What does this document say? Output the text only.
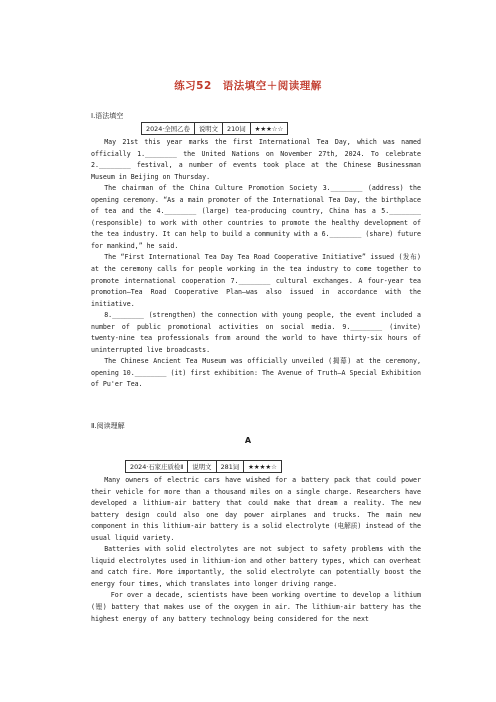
练习52　语法填空＋阅读理解
Ⅰ.语法填空
2024·全国乙卷	说明文	210词	★★★☆☆

May 21st this year marks the first International Tea Day, which was named officially 1.________ the United Nations on November 27th, 2024. To celebrate 2.________ festival, a number of events took place at the Chinese Businessman Museum in Beijing on Thursday.

The chairman of the China Culture Promotion Society 3.________ (address) the opening ceremony. “As a main promoter of the International Tea Day, the birthplace of tea and the 4.________ (large) tea-producing country, China has a 5.________ (responsible) to work with other countries to promote the healthy development of the tea industry. It can help to build a community with a 6.________ (share) future for mankind,” he said.

The “First International Tea Day Tea Road Cooperative Initiative” issued (发布) at the ceremony calls for people working in the tea industry to come together to promote international cooperation 7.________ cultural exchanges. A four-year tea promotion—Tea Road Cooperative Plan—was also issued in accordance with the initiative.

8.________ (strengthen) the connection with young people, the event included a number of public promotional activities on social media. 9.________ (invite) twenty-nine tea professionals from around the world to have thirty-six hours of uninterrupted live broadcasts.

The Chinese Ancient Tea Museum was officially unveiled (揭幕) at the ceremony, opening 10.________ (it) first exhibition: The Avenue of Truth—A Special Exhibition of Pu'er Tea.

Ⅱ.阅读理解
A
2024·石家庄质检Ⅱ	说明文	281词	★★★★☆

Many owners of electric cars have wished for a battery pack that could power their vehicle for more than a thousand miles on a single charge. Researchers have developed a lithium-air battery that could make that dream a reality. The new battery design could also one day power airplanes and trucks. The main new component in this lithium-air battery is a solid electrolyte (电解质) instead of the usual liquid variety.

Batteries with solid electrolytes are not subject to safety problems with the liquid electrolytes used in lithium-ion and other battery types, which can overheat and catch fire. More importantly, the solid electrolyte can potentially boost the energy four times, which translates into longer driving range.

For over a decade, scientists have been working overtime to develop a lithium (锂) battery that makes use of the oxygen in air. The lithium-air battery has the highest energy of any battery technology being considered for the next
